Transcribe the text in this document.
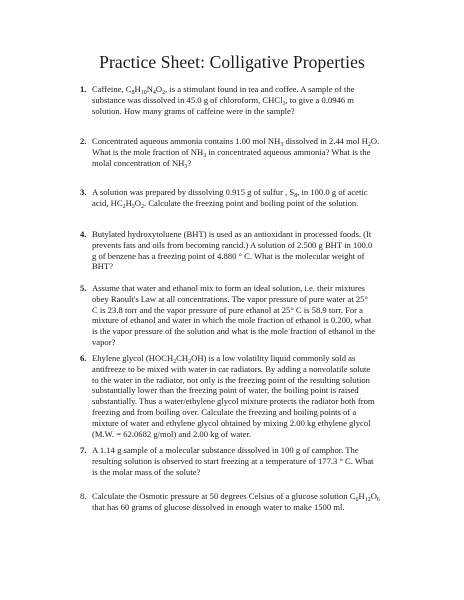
Practice Sheet: Colligative Properties
1. Caffeine, $C_8H_{10}N_4O_2$, is a stimulant found in tea and coffee. A sample of the
substance was dissolved in 45.0 g of chloroform, CHCl$_3$, to give a 0.0946 m
solution. How many grams of caffeine were in the sample?
2. Concentrated aqueous ammonia contains 1.00 mol $NH_3$ dissolved in 2.44 mol $H_2O$.
What is the mole fraction of $NH_3$ in concentrated aqueous ammonia? What is the
molal concentration of $NH_3$?
3. A solution was prepared by dissolving 0.915 g of sulfur , $S_8$, in 100.0 g of acetic
acid, $HC_2H_3O_2$. Calculate the freezing point and boiling point of the solution.
4. Butylated hydroxytoluene (BHT) is used as an antioxidant in processed foods. (It
prevents fats and oils from becoming rancid.) A solution of 2.500 g BHT in 100.0
g of benzene has a freezing point of 4.880 ° C. What is the molecular weight of
BHT?
5. Assume that water and ethanol mix to form an ideal solution, i.e. their mixtures
obey Raoult's Law at all concentrations. The vapor pressure of pure water at 25°
C is 23.8 torr and the vapor pressure of pure ethanol at 25° C is 58.9 torr. For a
mixture of ethanol and water in which the mole fraction of ethanol is 0.200, what
is the vapor pressure of the solution and what is the mole fraction of ethanol in the
vapor?
6. Ehylene glycol $(HOCH_2CH_2OH)$ is a low volatility liquid commonly sold as
antifreeze to be mixed with water in car radiators. By adding a nonvolatile solute
to the water in the radiator, not only is the freezing point of the resulting solution
substantially lower than the freezing point of water, the boiling point is raised
substantially. Thus a water/ethylene glycol mixture protects the radiator both from
freezing and from boiling over. Calculate the freezing and boiling points of a
mixture of water and ethylene glycol obtained by mixing 2.00 kg ethylene glycol
(M.W. = 62.0682 g/mol) and 2.00 kg of water.
7. A 1.14 g sample of a molecular substance dissolved in 100 g of camphor. The
resulting solution is observed to start freezing at a temperature of 177.3 ° C. What
is the molar mass of the solute?
8. Calculate the Osmotic pressure at 50 degrees Celsius of a glucose solution $C_6H_{12}O_6$
that has 60 grams of glucose dissolved in enough water to make 1500 ml.
